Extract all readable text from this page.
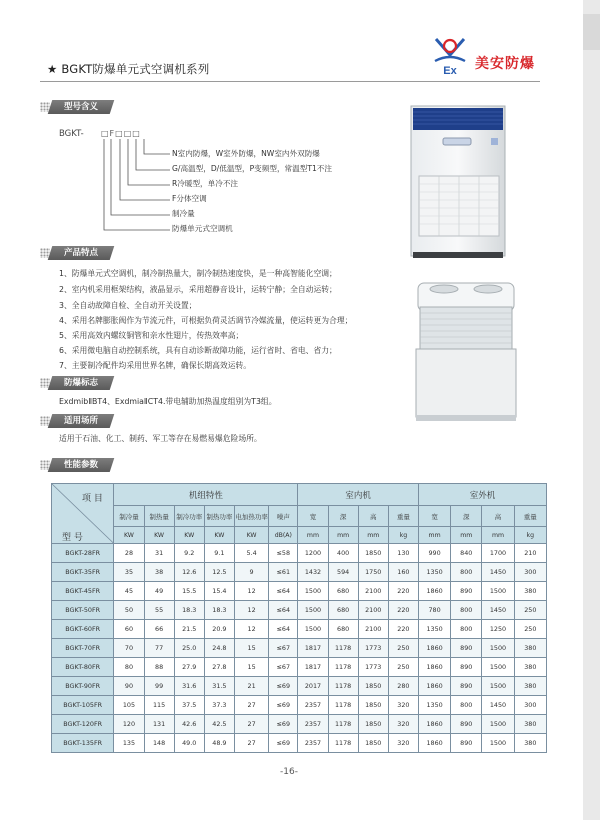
★ BGKT防爆单元式空调机系列	Ex 美安防爆
型号含义
BGKT- □F□□□
N室内防爆，W室外防爆，NW室内外双防爆
G/高温型，D/低温型，P变频型，常温型T1不注
R冷暖型，单冷不注
F分体空调
制冷量
防爆单元式空调机
产品特点
1、防爆单元式空调机，制冷制热量大，制冷制热速度快，是一种高智能化空调；
2、室内机采用框架结构，液晶显示，采用超静音设计，运转宁静；全自动运转；
3、全自动故障自检、全自动开关设置；
4、采用名牌膨胀阀作为节流元件，可根据负荷灵活调节冷媒流量，使运转更为合理；
5、采用高效内螺纹铜管和亲水性翅片，传热效率高；
6、采用微电脑自动控制系统，具有自动诊断故障功能，运行省时、省电、省力；
7、主要制冷配件均采用世界名牌，确保长期高效运转。
防爆标志
ExdmibⅡBT4、ExdmiaⅡCT4.带电辅助加热温度组别为T3组。
适用场所
适用于石油、化工、制药、军工等存在易燃易爆危险场所。
性能参数
项 目
型 号	机组特性						室内机				室外机			
	制冷量	制热量	制冷功率	制热功率	电加热功率	噪声	宽	深	高	重量	宽	深	高	重量
	KW	KW	KW	KW	KW	dB(A)	mm	mm	mm	kg	mm	mm	mm	kg
BGKT-28FR	28	31	9.2	9.1	5.4	≤58	1200	400	1850	130	990	840	1700	210
BGKT-35FR	35	38	12.6	12.5	9	≤61	1432	594	1750	160	1350	800	1450	300
BGKT-45FR	45	49	15.5	15.4	12	≤64	1500	680	2100	220	1860	890	1500	380
BGKT-50FR	50	55	18.3	18.3	12	≤64	1500	680	2100	220	780	800	1450	250
BGKT-60FR	60	66	21.5	20.9	12	≤64	1500	680	2100	220	1350	800	1250	250
BGKT-70FR	70	77	25.0	24.8	15	≤67	1817	1178	1773	250	1860	890	1500	380
BGKT-80FR	80	88	27.9	27.8	15	≤67	1817	1178	1773	250	1860	890	1500	380
BGKT-90FR	90	99	31.6	31.5	21	≤69	2017	1178	1850	280	1860	890	1500	380
BGKT-105FR	105	115	37.5	37.3	27	≤69	2357	1178	1850	320	1350	800	1450	300
BGKT-120FR	120	131	42.6	42.5	27	≤69	2357	1178	1850	320	1860	890	1500	380
BGKT-135FR	135	148	49.0	48.9	27	≤69	2357	1178	1850	320	1860	890	1500	380
-16-
